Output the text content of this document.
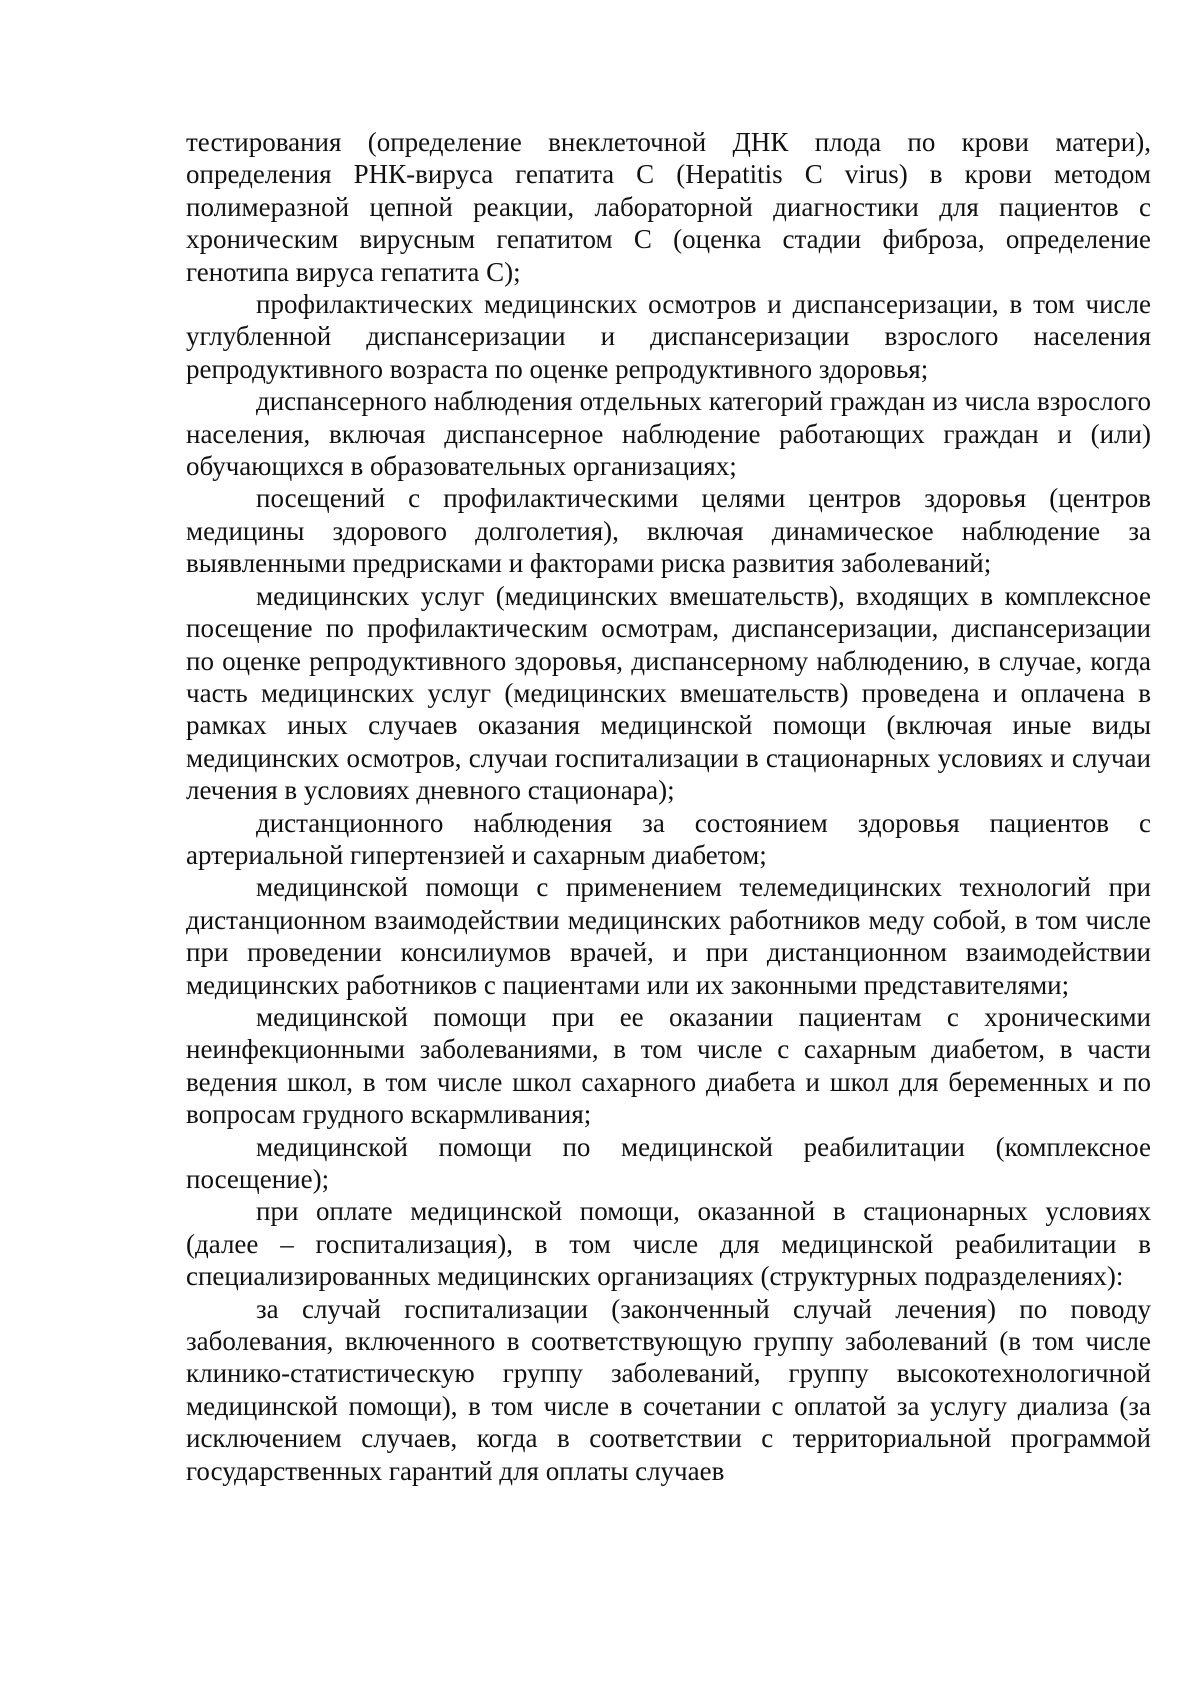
тестирования (определение внеклеточной ДНК плода по крови матери), определения РНК-вируса гепатита С (Hepatitis C virus) в крови методом полимеразной цепной реакции, лабораторной диагностики для пациентов с хроническим вирусным гепатитом С (оценка стадии фиброза, определение генотипа вируса гепатита С);

профилактических медицинских осмотров и диспансеризации, в том числе углубленной диспансеризации и диспансеризации взрослого населения репродуктивного возраста по оценке репродуктивного здоровья;

диспансерного наблюдения отдельных категорий граждан из числа взрослого населения, включая диспансерное наблюдение работающих граждан и (или) обучающихся в образовательных организациях;

посещений с профилактическими целями центров здоровья (центров медицины здорового долголетия), включая динамическое наблюдение за выявленными предрисками и факторами риска развития заболеваний;

медицинских услуг (медицинских вмешательств), входящих в комплексное посещение по профилактическим осмотрам, диспансеризации, диспансеризации по оценке репродуктивного здоровья, диспансерному наблюдению, в случае, когда часть медицинских услуг (медицинских вмешательств) проведена и оплачена в рамках иных случаев оказания медицинской помощи (включая иные виды медицинских осмотров, случаи госпитализации в стационарных условиях и случаи лечения в условиях дневного стационара);

дистанционного наблюдения за состоянием здоровья пациентов с артериальной гипертензией и сахарным диабетом;

медицинской помощи с применением телемедицинских технологий при дистанционном взаимодействии медицинских работников меду собой, в том числе при проведении консилиумов врачей, и при дистанционном взаимодействии медицинских работников с пациентами или их законными представителями;

медицинской помощи при ее оказании пациентам с хроническими неинфекционными заболеваниями, в том числе с сахарным диабетом, в части ведения школ, в том числе школ сахарного диабета и школ для беременных и по вопросам грудного вскармливания;

медицинской помощи по медицинской реабилитации (комплексное посещение);

при оплате медицинской помощи, оказанной в стационарных условиях (далее – госпитализация), в том числе для медицинской реабилитации в специализированных медицинских организациях (структурных подразделениях):

за случай госпитализации (законченный случай лечения) по поводу заболевания, включенного в соответствующую группу заболеваний (в том числе клинико-статистическую группу заболеваний, группу высокотехнологичной медицинской помощи), в том числе в сочетании с оплатой за услугу диализа (за исключением случаев, когда в соответствии с территориальной программой государственных гарантий для оплаты случаев
